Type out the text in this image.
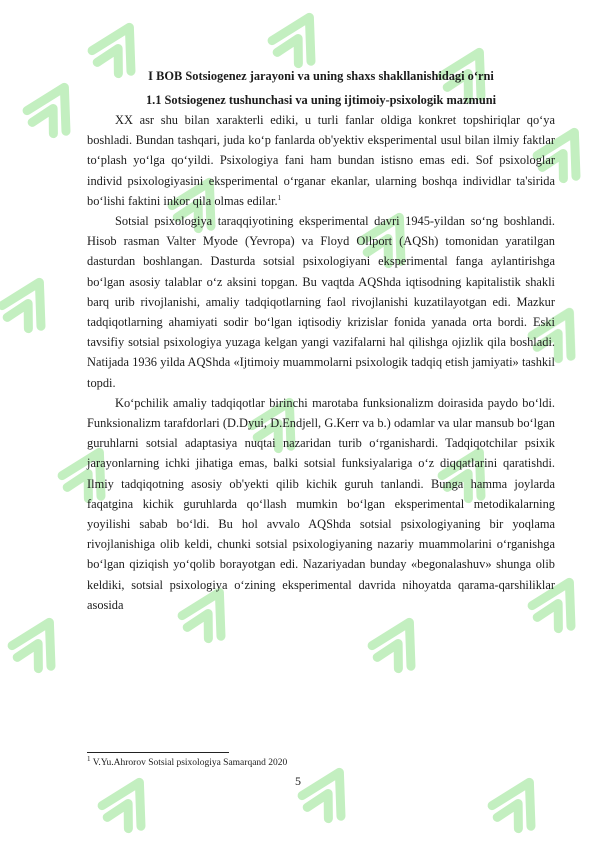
I BOB Sotsiogenez jarayoni va uning shaxs shakllanishidagi o‘rni

1.1 Sotsiogenez tushunchasi va uning ijtimoiy-psixologik mazmuni

XX asr shu bilan xarakterli ediki, u turli fanlar oldiga konkret topshiriqlar qo‘ya boshladi. Bundan tashqari, juda ko‘p fanlarda ob'yektiv eksperimental usul bilan ilmiy faktlar to‘plash yo‘lga qo‘yildi. Psixologiya fani ham bundan istisno emas edi. Sof psixologlar individ psixologiyasini eksperimental o‘rganar ekanlar, ularning boshqa individlar ta'sirida bo‘lishi faktini inkor qila olmas edilar.$^1$

Sotsial psixologiya taraqqiyotining eksperimental davri 1945-yildan so‘ng boshlandi. Hisob rasman Valter Myode (Yevropa) va Floyd Ollport (AQSh) tomonidan yaratilgan dasturdan boshlangan. Dasturda sotsial psixologiyani eksperimental fanga aylantirishga bo‘lgan asosiy talablar o‘z aksini topgan. Bu vaqtda AQShda iqtisodning kapitalistik shakli barq urib rivojlanishi, amaliy tadqiqotlarning faol rivojlanishi kuzatilayotgan edi. Mazkur tadqiqotlarning ahamiyati sodir bo‘lgan iqtisodiy krizislar fonida yanada orta bordi. Eski tavsifiy sotsial psixologiya yuzaga kelgan yangi vazifalarni hal qilishga ojizlik qila boshladi. Natijada 1936 yilda AQShda «Ijtimoiy muammolarni psixologik tadqiq etish jamiyati» tashkil topdi.

Ko‘pchilik amaliy tadqiqotlar birinchi marotaba funksionalizm doirasida paydo bo‘ldi. Funksionalizm tarafdorlari (D.Dyui, D.Endjell, G.Kerr va b.) odamlar va ular mansub bo‘lgan guruhlarni sotsial adaptasiya nuqtai nazaridan turib o‘rganishardi. Tadqiqotchilar psixik jarayonlarning ichki jihatiga emas, balki sotsial funksiyalariga o‘z diqqatlarini qaratishdi. Ilmiy tadqiqotning asosiy ob'yekti qilib kichik guruh tanlandi. Bunga hamma joylarda faqatgina kichik guruhlarda qo‘llash mumkin bo‘lgan eksperimental metodikalarning yoyilishi sabab bo‘ldi. Bu hol avvalo AQShda sotsial psixologiyaning bir yoqlama rivojlanishiga olib keldi, chunki sotsial psixologiyaning nazariy muammolarini o‘rganishga bo‘lgan qiziqish yo‘qolib borayotgan edi. Nazariyadan bunday «begonalashuv» shunga olib keldiki, sotsial psixologiya o‘zining eksperimental davrida nihoyatda qarama-qarshiliklar asosida

$^1$ V.Yu.Ahrorov Sotsial psixologiya Samarqand 2020
5
